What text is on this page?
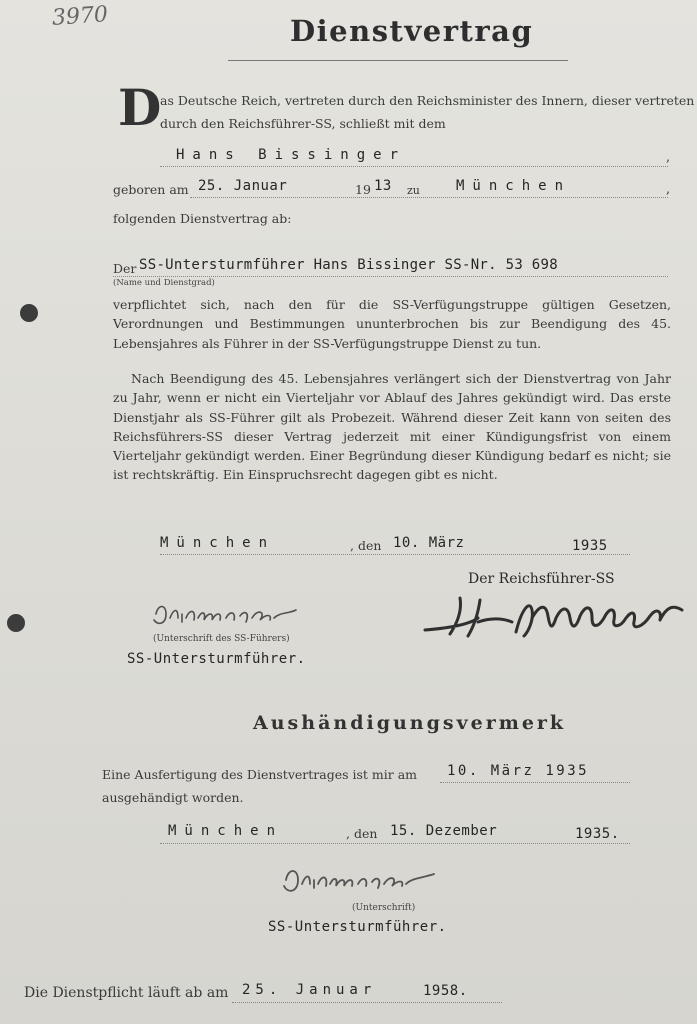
3970	Dienstvertrag
D
as Deutsche Reich, vertreten durch den Reichsminister des Innern, dieser vertreten
durch den Reichsführer-SS, schließt mit dem
Hans Bissinger	,
geboren am 25. Januar	19 13 zu	München	,
folgenden Dienstvertrag ab:
Der SS-Untersturmführer Hans Bissinger SS-Nr. 53 698
(Name und Dienstgrad)
verpflichtet sich, nach den für die SS-Verfügungstruppe gültigen Gesetzen, Verordnungen und Bestimmungen ununterbrochen bis zur Beendigung des 45. Lebensjahres als Führer in der SS-Verfügungstruppe Dienst zu tun.
Nach Beendigung des 45. Lebensjahres verlängert sich der Dienstvertrag von Jahr zu Jahr, wenn er nicht ein Vierteljahr vor Ablauf des Jahres gekündigt wird. Das erste Dienstjahr als SS-Führer gilt als Probezeit. Während dieser Zeit kann von seiten des Reichsführers-SS dieser Vertrag jederzeit mit einer Kündigungsfrist von einem Vierteljahr gekündigt werden. Einer Begründung dieser Kündigung bedarf es nicht; sie ist rechtskräftig. Ein Einspruchsrecht dagegen gibt es nicht.
München	, den 10. März	1935
Der Reichsführer-SS
(Unterschrift des SS-Führers)
SS-Untersturmführer.
Aushändigungsvermerk
Eine Ausfertigung des Dienstvertrages ist mir am 10. März 1935
ausgehändigt worden.
München	, den 15. Dezember	1935.
(Unterschrift)
SS-Untersturmführer.
Die Dienstpflicht läuft ab am 25. Januar	1958.
